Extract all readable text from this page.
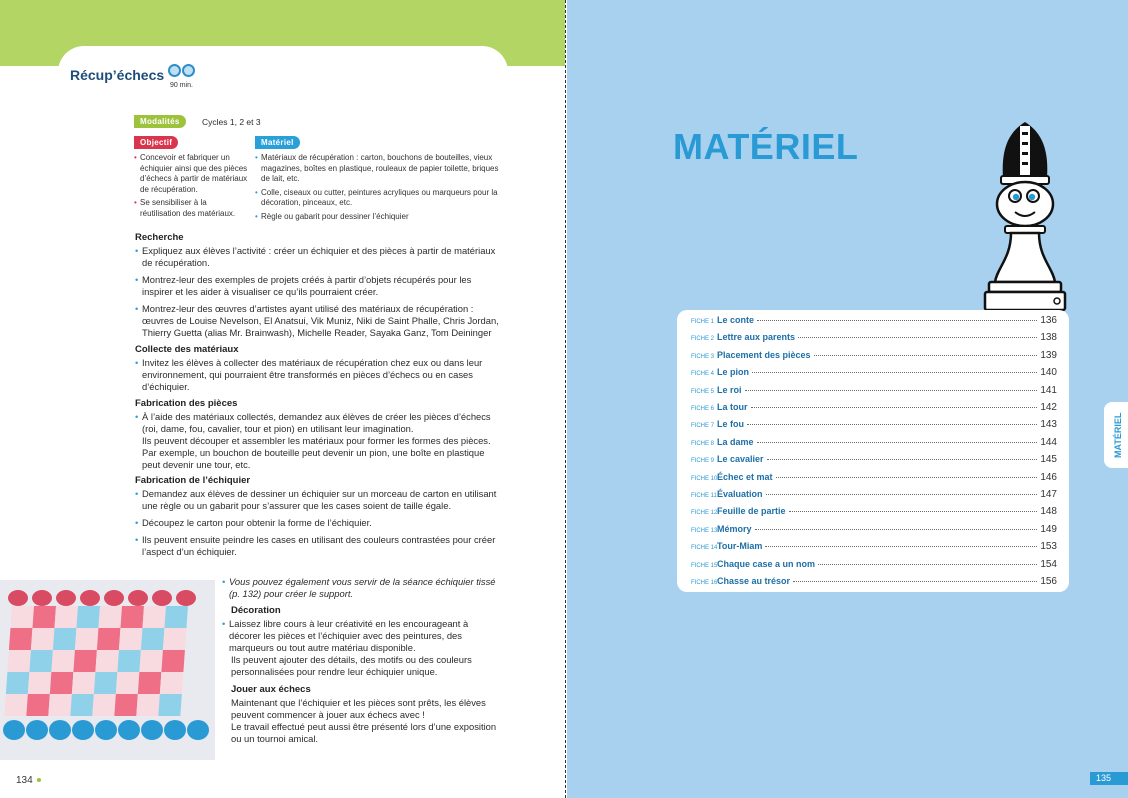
Récup’échecs
90 min.
Modalités	Cycles 1, 2 et 3
Objectif
• Concevoir et fabriquer un échiquier ainsi que des pièces d’échecs à partir de matériaux de récupération.
• Se sensibiliser à la réutilisation des matériaux.
Matériel
• Matériaux de récupération : carton, bouchons de bouteilles, vieux magazines, boîtes en plastique, rouleaux de papier toilette, briques de lait, etc.
• Colle, ciseaux ou cutter, peintures acryliques ou marqueurs pour la décoration, pinceaux, etc.
• Règle ou gabarit pour dessiner l’échiquier
Recherche
• Expliquez aux élèves l’activité : créer un échiquier et des pièces à partir de matériaux de récupération.
• Montrez-leur des exemples de projets créés à partir d’objets récupérés pour les inspirer et les aider à visualiser ce qu’ils pourraient créer.
• Montrez-leur des œuvres d’artistes ayant utilisé des matériaux de récupération : œuvres de Louise Nevelson, El Anatsui, Vik Muniz, Niki de Saint Phalle, Chris Jordan, Thierry Guetta (alias Mr. Brainwash), Michelle Reader, Sayaka Ganz, Tom Deininger
Collecte des matériaux
• Invitez les élèves à collecter des matériaux de récupération chez eux ou dans leur environnement, qui pourraient être transformés en pièces d’échecs ou en cases d’échiquier.
Fabrication des pièces
• À l’aide des matériaux collectés, demandez aux élèves de créer les pièces d’échecs (roi, dame, fou, cavalier, tour et pion) en utilisant leur imagination.

Ils peuvent découper et assembler les matériaux pour former les formes des pièces.

Par exemple, un bouchon de bouteille peut devenir un pion, une boîte en plastique peut devenir une tour, etc.

Fabrication de l’échiquier
• Demandez aux élèves de dessiner un échiquier sur un morceau de carton en utilisant une règle ou un gabarit pour s’assurer que les cases soient de taille égale.
• Découpez le carton pour obtenir la forme de l’échiquier.
• Ils peuvent ensuite peindre les cases en utilisant des couleurs contrastées pour créer l’aspect d’un échiquier.
• Vous pouvez également vous servir de la séance échiquier tissé (p. 132) pour créer le support.
Décoration
• Laissez libre cours à leur créativité en les encourageant à décorer les pièces et l’échiquier avec des peintures, des marqueurs ou tout autre matériau disponible.

Ils peuvent ajouter des détails, des motifs ou des couleurs personnalisées pour rendre leur échiquier unique.

Jouer aux échecs

Maintenant que l’échiquier et les pièces sont prêts, les élèves peuvent commencer à jouer aux échecs avec !

Le travail effectué peut aussi être présenté lors d’une exposition ou un tournoi amical.

134
MATÉRIEL
FICHE 1 Le conte	136
FICHE 2 Lettre aux parents	138
FICHE 3 Placement des pièces	139
FICHE 4 Le pion	140
FICHE 5 Le roi	141
FICHE 6 La tour	142
FICHE 7 Le fou	143
FICHE 8 La dame	144
FICHE 9 Le cavalier	145
FICHE 10 Échec et mat	146
FICHE 11 Évaluation	147
FICHE 12 Feuille de partie	148
FICHE 13 Mémory	149
FICHE 14 Tour-Miam	153
FICHE 15 Chaque case a un nom	154
FICHE 16 Chasse au trésor	156
MATÉRIEL
135
